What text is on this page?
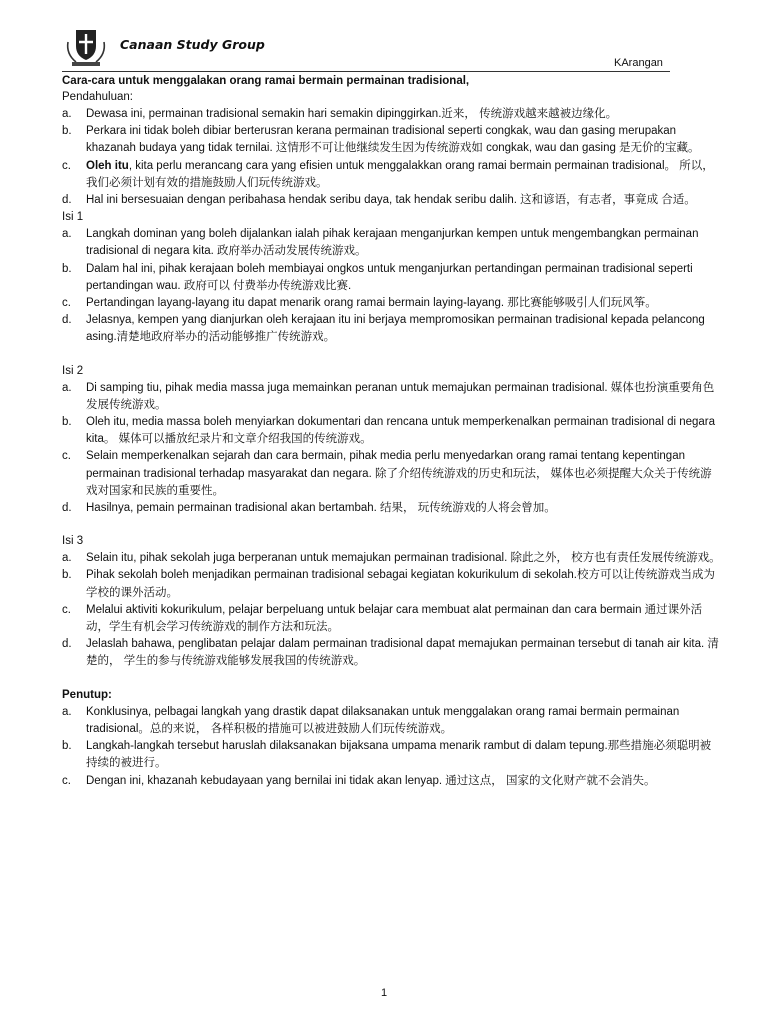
Canaan Study Group
KArangan
Cara-cara untuk menggalakan orang ramai bermain permainan tradisional,
Pendahuluan:
a. Dewasa ini, permainan tradisional semakin hari semakin dipinggirkan.近来， 传统游戏越来越被边缘化。
b. Perkara ini tidak boleh dibiar berterusran kerana permainan tradisional seperti congkak, wau dan gasing merupakan khazanah budaya yang tidak ternilai. 这情形不可让他继续发生因为传统游戏如 congkak, wau dan gasing 是无价的宝藏。
c. Oleh itu, kita perlu merancang cara yang efisien untuk menggalakkan orang ramai bermain permainan tradisional。 所以， 我们必须计划有效的措施鼓励人们玩传统游戏。
d. Hal ini bersesuaian dengan peribahasa hendak seribu daya, tak hendak seribu dalih. 这和谚语，有志者，事竟成 合适。
Isi 1
a. Langkah dominan yang boleh dijalankan ialah pihak kerajaan menganjurkan kempen untuk mengembangkan permainan tradisional di negara kita. 政府举办活动发展传统游戏。
b. Dalam hal ini, pihak kerajaan boleh membiayai ongkos untuk menganjurkan pertandingan permainan tradisional seperti pertandingan wau. 政府可以 付费举办传统游戏比赛.
c. Pertandingan layang-layang itu dapat menarik orang ramai bermain laying-layang. 那比赛能够吸引人们玩风筝。
d. Jelasnya, kempen yang dianjurkan oleh kerajaan itu ini berjaya mempromosikan permainan tradisional kepada pelancong asing.清楚地政府举办的活动能够推广传统游戏。
Isi 2
a. Di samping tiu, pihak media massa juga memainkan peranan untuk memajukan permainan tradisional. 媒体也扮演重要角色发展传统游戏。
b. Oleh itu, media massa boleh menyiarkan dokumentari dan rencana untuk memperkenalkan permainan tradisional di negara kita。 媒体可以播放纪录片和文章介绍我国的传统游戏。
c. Selain memperkenalkan sejarah dan cara bermain, pihak media perlu menyedarkan orang ramai tentang kepentingan permainan tradisional terhadap masyarakat dan negara. 除了介绍传统游戏的历史和玩法， 媒体也必须提醒大众关于传统游戏对国家和民族的重要性。
d. Hasilnya, pemain permainan tradisional akan bertambah. 结果， 玩传统游戏的人将会曾加。
Isi 3
a. Selain itu, pihak sekolah juga berperanan untuk memajukan permainan tradisional. 除此之外， 校方也有责任发展传统游戏。
b. Pihak sekolah boleh menjadikan permainan tradisional sebagai kegiatan kokurikulum di sekolah.校方可以让传统游戏当成为学校的课外活动。
c. Melalui aktiviti kokurikulum, pelajar berpeluang untuk belajar cara membuat alat permainan dan cara bermain 通过课外活动，学生有机会学习传统游戏的制作方法和玩法。
d. Jelaslah bahawa, penglibatan pelajar dalam permainan tradisional dapat memajukan permainan tersebut di tanah air kita. 清楚的， 学生的参与传统游戏能够发展我国的传统游戏。
Penutup:
a. Konklusinya, pelbagai langkah yang drastik dapat dilaksanakan untuk menggalakan orang ramai bermain permainan tradisional。总的来说， 各样积极的措施可以被进鼓励人们玩传统游戏。
b. Langkah-langkah tersebut haruslah dilaksanakan bijaksana umpama menarik rambut di dalam tepung.那些措施必须聪明被持续的被进行。
c. Dengan ini, khazanah kebudayaan yang bernilai ini tidak akan lenyap. 通过这点， 国家的文化财产就不会消失。
1
